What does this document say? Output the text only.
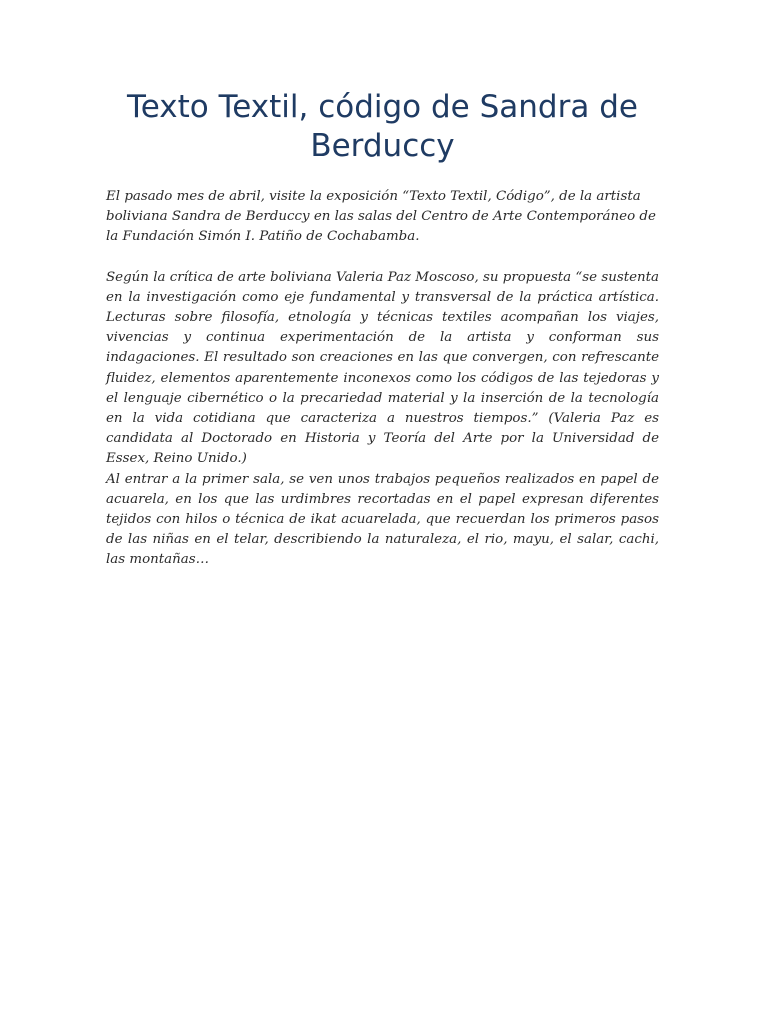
Texto Textil, código de Sandra de Berduccy

El pasado mes de abril, visite la exposición “Texto Textil, Código”, de la artista boliviana Sandra de Berduccy en las salas del Centro de Arte Contemporáneo de la Fundación Simón I. Patiño de Cochabamba.

Según la crítica de arte boliviana Valeria Paz Moscoso, su propuesta “se sustenta en la investigación como eje fundamental y transversal de la práctica artística. Lecturas sobre filosofía, etnología y técnicas textiles acompañan los viajes, vivencias y continua experimentación de la artista y conforman sus indagaciones. El resultado son creaciones en las que convergen, con refrescante fluidez, elementos aparentemente inconexos como los códigos de las tejedoras y el lenguaje cibernético o la precariedad material y la inserción de la tecnología en la vida cotidiana que caracteriza a nuestros tiempos.” (Valeria Paz es candidata al Doctorado en Historia y Teoría del Arte por la Universidad de Essex, Reino Unido.)

Al entrar a la primer sala, se ven unos trabajos pequeños realizados en papel de acuarela, en los que las urdimbres recortadas en el papel expresan diferentes tejidos con hilos o técnica de ikat acuarelada, que recuerdan los primeros pasos de las niñas en el telar, describiendo la naturaleza, el rio, mayu, el salar, cachi, las montañas…
